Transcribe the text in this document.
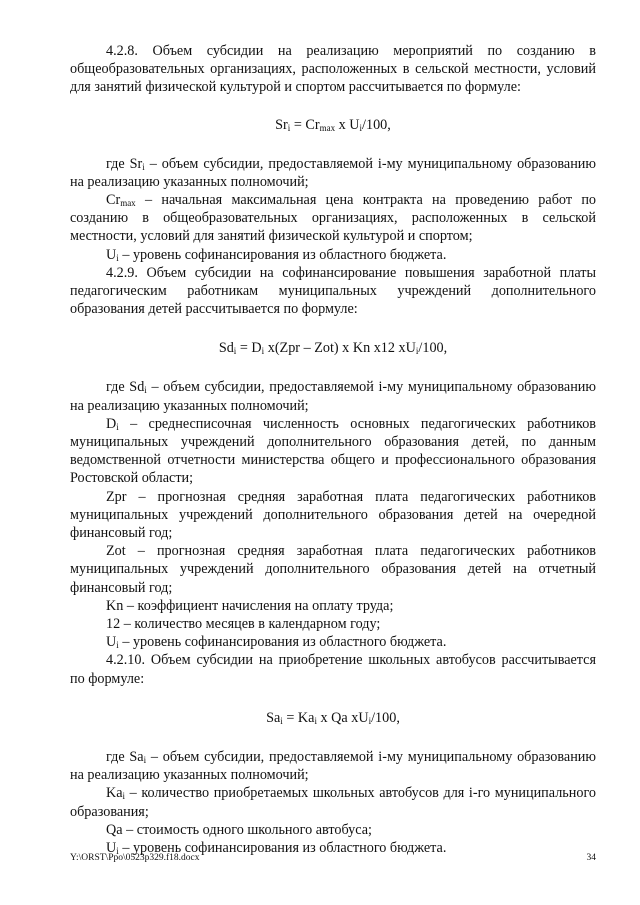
4.2.8. Объем субсидии на реализацию мероприятий по созданию в общеобразовательных организациях, расположенных в сельской местности, условий для занятий физической культурой и спортом рассчитывается по формуле:

$Sr_i = Cr_{max}$ x $U_i/100$,

где $Sr_i$ – объем субсидии, предоставляемой i-му муниципальному образованию на реализацию указанных полномочий;

$Cr_{max}$ – начальная максимальная цена контракта на проведению работ по созданию в общеобразовательных организациях, расположенных в сельской местности, условий для занятий физической культурой и спортом;

$U_i$ – уровень софинансирования из областного бюджета.

4.2.9. Объем субсидии на софинансирование повышения заработной платы педагогическим работникам муниципальных учреждений дополнительного образования детей рассчитывается по формуле:

$Sd_i = D_i$ x(Zpr – Zot) x Kn x12 $xU_i/100$,

где $Sd_i$ – объем субсидии, предоставляемой i-му муниципальному образованию на реализацию указанных полномочий;

$D_i$ – среднесписочная численность основных педагогических работников муниципальных учреждений дополнительного образования детей, по данным ведомственной отчетности министерства общего и профессионального образования Ростовской области;

Zpr – прогнозная средняя заработная плата педагогических работников муниципальных учреждений дополнительного образования детей на очередной финансовый год;

Zot – прогнозная средняя заработная плата педагогических работников муниципальных учреждений дополнительного образования детей на отчетный финансовый год;

Kn – коэффициент начисления на оплату труда;

12 – количество месяцев в календарном году;

$U_i$ – уровень софинансирования из областного бюджета.

4.2.10. Объем субсидии на приобретение школьных автобусов рассчитывается по формуле:

$Sa_i = Ka_i$ x Qa $xU_i/100$,

где $Sa_i$ – объем субсидии, предоставляемой i-му муниципальному образованию на реализацию указанных полномочий;

$Ka_i$ – количество приобретаемых школьных автобусов для i-го муниципального образования;

Qa – стоимость одного школьного автобуса;

$U_i$ – уровень софинансирования из областного бюджета.

Y:\ORST\Ppo\0523p329.f18.docx	34
